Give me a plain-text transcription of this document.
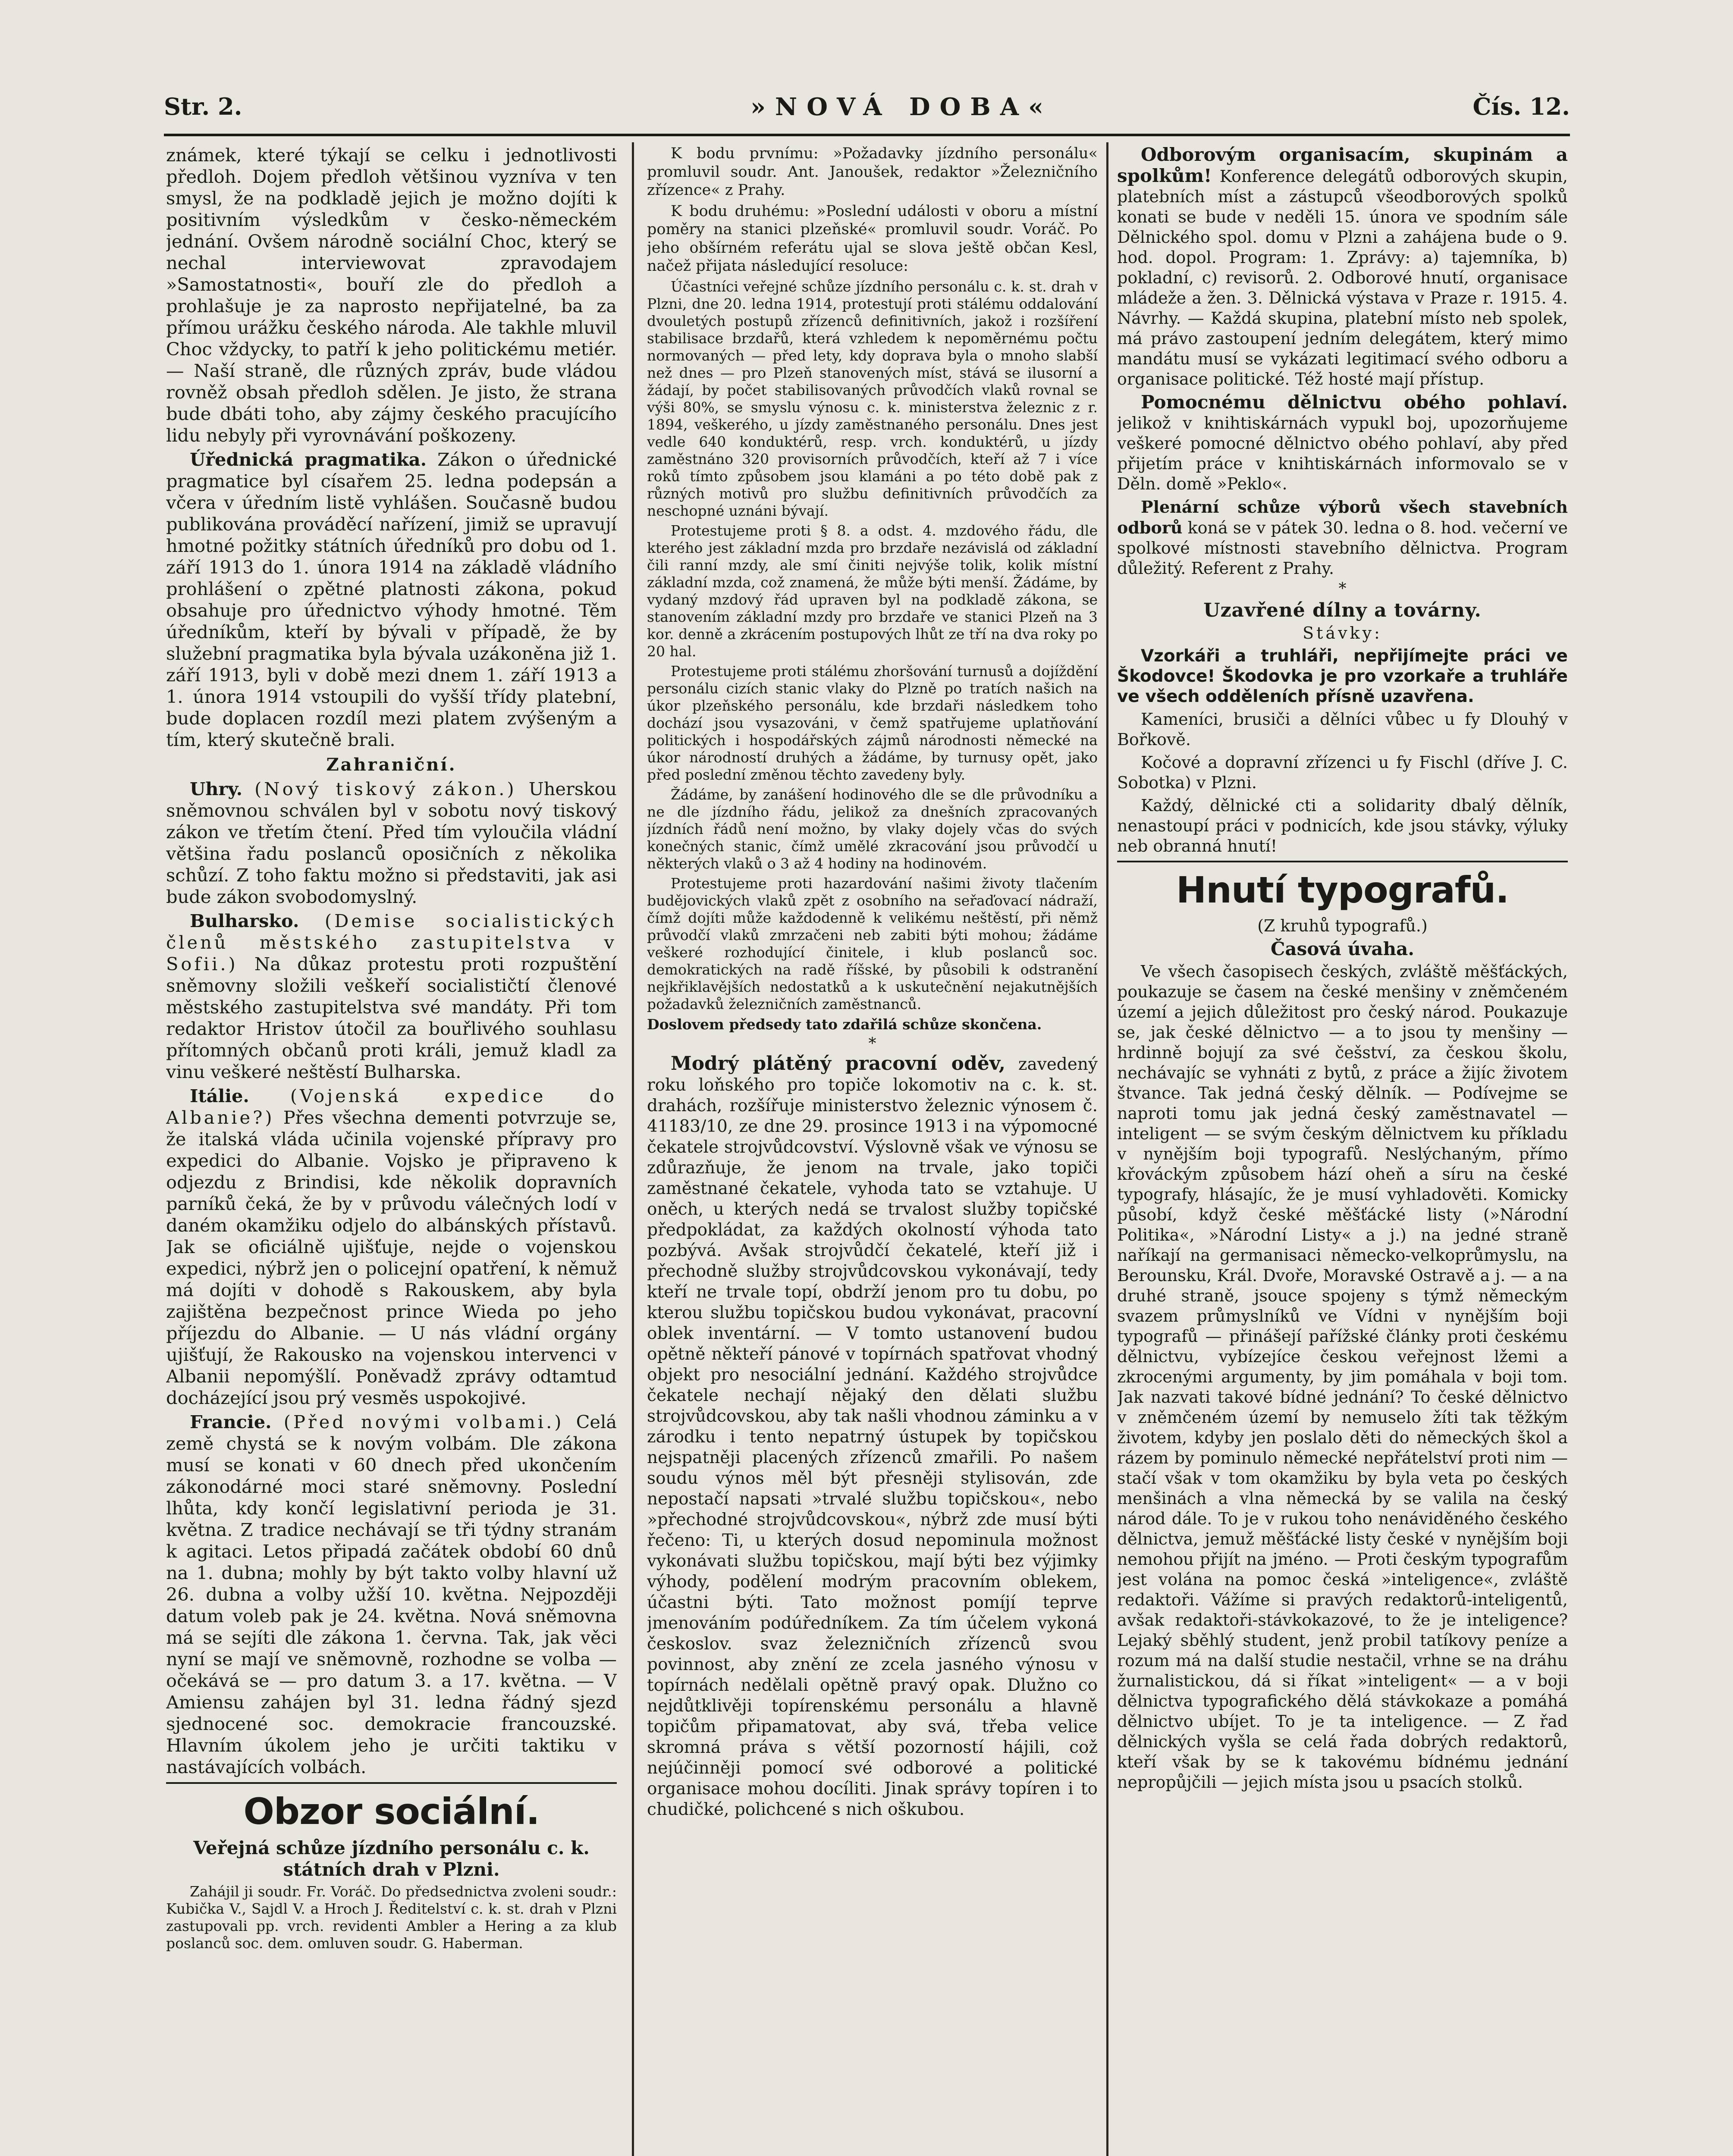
Str. 2.	»NOVÁ DOBA«	Čís. 12.

známek, které týkají se celku i jednotlivosti předloh. Dojem předloh většinou vyzníva v ten smysl, že na podkladě jejich je možno dojíti k positivním výsledkům v česko-německém jednání. Ovšem národně sociální Choc, který se nechal interviewovat zpravodajem »Samostatnosti«, bouří zle do předloh a prohlašuje je za naprosto nepřijatelné, ba za přímou urážku českého národa. Ale takhle mluvil Choc vždycky, to patří k jeho politickému metiér. — Naší straně, dle různých zpráv, bude vládou rovněž obsah předloh sdělen. Je jisto, že strana bude dbáti toho, aby zájmy českého pracujícího lidu nebyly při vyrovnávání poškozeny.

Úřednická pragmatika. Zákon o úřednické pragmatice byl císařem 25. ledna podepsán a včera v úředním listě vyhlášen. Současně budou publikována prováděcí nařízení, jimiž se upravují hmotné požitky státních úředníků pro dobu od 1. září 1913 do 1. února 1914 na základě vládního prohlášení o zpětné platnosti zákona, pokud obsahuje pro úřednictvo výhody hmotné. Těm úředníkům, kteří by bývali v případě, že by služební pragmatika byla bývala uzákoněna již 1. září 1913, byli v době mezi dnem 1. září 1913 a 1. února 1914 vstoupili do vyšší třídy platební, bude doplacen rozdíl mezi platem zvýšeným a tím, který skutečně brali.

Zahraniční.

Uhry. (Nový tiskový zákon.) Uherskou sněmovnou schválen byl v sobotu nový tiskový zákon ve třetím čtení. Před tím vyloučila vládní většina řadu poslanců oposičních z několika schůzí. Z toho faktu možno si představiti, jak asi bude zákon svobodomyslný.

Bulharsko. (Demise socialistických členů městského zastupitelstva v Sofii.) Na důkaz protestu proti rozpuštění sněmovny složili veškeří socialističtí členové městského zastupitelstva své mandáty. Při tom redaktor Hristov útočil za bouřlivého souhlasu přítomných občanů proti králi, jemuž kladl za vinu veškeré neštěstí Bulharska.

Itálie. (Vojenská expedice do Albanie?) Přes všechna dementi potvrzuje se, že italská vláda učinila vojenské přípravy pro expedici do Albanie. Vojsko je připraveno k odjezdu z Brindisi, kde několik dopravních parníků čeká, že by v průvodu válečných lodí v daném okamžiku odjelo do albánských přístavů. Jak se oficiálně ujišťuje, nejde o vojenskou expedici, nýbrž jen o policejní opatření, k němuž má dojíti v dohodě s Rakouskem, aby byla zajištěna bezpečnost prince Wieda po jeho příjezdu do Albanie. — U nás vládní orgány ujišťují, že Rakousko na vojenskou intervenci v Albanii nepomýšlí. Poněvadž zprávy odtamtud docházející jsou prý vesměs uspokojivé.

Francie. (Před novými volbami.) Celá země chystá se k novým volbám. Dle zákona musí se konati v 60 dnech před ukončením zákonodárné moci staré sněmovny. Poslední lhůta, kdy končí legislativní perioda je 31. května. Z tradice nechávají se tři týdny stranám k agitaci. Letos připadá začátek období 60 dnů na 1. dubna; mohly by být takto volby hlavní už 26. dubna a volby užší 10. května. Nejpozději datum voleb pak je 24. května. Nová sněmovna má se sejíti dle zákona 1. června. Tak, jak věci nyní se mají ve sněmovně, rozhodne se volba — očekává se — pro datum 3. a 17. května. — V Amiensu zahájen byl 31. ledna řádný sjezd sjednocené soc. demokracie francouzské. Hlavním úkolem jeho je určiti taktiku v nastávajících volbách.

Obzor sociální.

Veřejná schůze jízdního personálu c. k. státních drah v Plzni.

Zahájil ji soudr. Fr. Voráč. Do předsednictva zvoleni soudr.: Kubička V., Sajdl V. a Hroch J. Ředitelství c. k. st. drah v Plzni zastupovali pp. vrch. revidenti Ambler a Hering a za klub poslanců soc. dem. omluven soudr. G. Haberman.

K bodu prvnímu: »Požadavky jízdního personálu« promluvil soudr. Ant. Janoušek, redaktor »Železničního zřízence« z Prahy.

K bodu druhému: »Poslední události v oboru a místní poměry na stanici plzeňské« promluvil soudr. Voráč. Po jeho obšírném referátu ujal se slova ještě občan Kesl, načež přijata následující resoluce:

Účastníci veřejné schůze jízdního personálu c. k. st. drah v Plzni, dne 20. ledna 1914, protestují proti stálému oddalování dvouletých postupů zřízenců definitivních, jakož i rozšíření stabilisace brzdařů, která vzhledem k nepoměrnému počtu normovaných — před lety, kdy doprava byla o mnoho slabší než dnes — pro Plzeň stanovených míst, stává se ilusorní a žádají, by počet stabilisovaných průvodčích vlaků rovnal se výši 80%, se smyslu výnosu c. k. ministerstva železnic z r. 1894, veškerého, u jízdy zaměstnaného personálu. Dnes jest vedle 640 konduktérů, resp. vrch. konduktérů, u jízdy zaměstnáno 320 provisorních průvodčích, kteří až 7 i více roků tímto způsobem jsou klamáni a po této době pak z různých motivů pro službu definitivních průvodčích za neschopné uznáni bývají.

Protestujeme proti § 8. a odst. 4. mzdového řádu, dle kterého jest základní mzda pro brzdaře nezávislá od základní čili ranní mzdy, ale smí činiti nejvýše tolik, kolik místní základní mzda, což znamená, že může býti menší. Žádáme, by vydaný mzdový řád upraven byl na podkladě zákona, se stanovením základní mzdy pro brzdaře ve stanici Plzeň na 3 kor. denně a zkrácením postupových lhůt ze tří na dva roky po 20 hal.

Protestujeme proti stálému zhoršování turnusů a dojíždění personálu cizích stanic vlaky do Plzně po tratích našich na úkor plzeňského personálu, kde brzdaři následkem toho dochází jsou vysazováni, v čemž spatřujeme uplatňování politických i hospodářských zájmů národnosti německé na úkor národností druhých a žádáme, by turnusy opět, jako před poslední změnou těchto zavedeny byly.

Žádáme, by zanášení hodinového dle se dle průvodníku a ne dle jízdního řádu, jelikož za dnešních zpracovaných jízdních řádů není možno, by vlaky dojely včas do svých konečných stanic, čímž umělé zkracování jsou průvodčí u některých vlaků o 3 až 4 hodiny na hodinovém.

Protestujeme proti hazardování našimi životy tlačením budějovických vlaků zpět z osobního na seřaďovací nádraží, čímž dojíti může každodenně k velikému neštěstí, při němž průvodčí vlaků zmrzačeni neb zabiti býti mohou; žádáme veškeré rozhodující činitele, i klub poslanců soc. demokratických na radě říšské, by působili k odstranění nejkřiklavějších nedostatků a k uskutečnění nejakutnějších požadavků železničních zaměstnanců.

Doslovem předsedy tato zdařilá schůze skončena.

*

Modrý plátěný pracovní oděv, zavedený roku loňského pro topiče lokomotiv na c. k. st. drahách, rozšířuje ministerstvo železnic výnosem č. 41183/10, ze dne 29. prosince 1913 i na výpomocné čekatele strojvůdcovství. Výslovně však ve výnosu se zdůrazňuje, že jenom na trvale, jako topiči zaměstnané čekatele, vyhoda tato se vztahuje. U oněch, u kterých nedá se trvalost služby topičské předpokládat, za každých okolností výhoda tato pozbývá. Avšak strojvůdčí čekatelé, kteří již i přechodně služby strojvůdcovskou vykonávají, tedy kteří ne trvale topí, obdrží jenom pro tu dobu, po kterou službu topičskou budou vykonávat, pracovní oblek inventární. — V tomto ustanovení budou opětně někteří pánové v topírnách spatřovat vhodný objekt pro nesociální jednání. Každého strojvůdce čekatele nechají nějaký den dělati službu strojvůdcovskou, aby tak našli vhodnou záminku a v zárodku i tento nepatrný ústupek by topičskou nejspatněji placených zřízenců zmařili. Po našem soudu výnos měl být přesněji stylisován, zde nepostačí napsati »trvalé službu topičskou«, nebo »přechodné strojvůdcovskou«, nýbrž zde musí býti řečeno: Ti, u kterých dosud nepominula možnost vykonávati službu topičskou, mají býti bez výjimky výhody, podělení modrým pracovním oblekem, účastni býti. Tato možnost pomíjí teprve jmenováním podúředníkem. Za tím účelem vykoná českoslov. svaz železničních zřízenců svou povinnost, aby znění ze zcela jasného výnosu v topírnách nedělali opětně pravý opak. Dlužno co nejdůtklivěji topírenskému personálu a hlavně topičům připamatovat, aby svá, třeba velice skromná práva s větší pozorností hájili, což nejúčinněji pomocí své odborové a politické organisace mohou docíliti. Jinak správy topíren i to chudičké, polichcené s nich oškubou.

Odborovým organisacím, skupinám a spolkům! Konference delegátů odborových skupin, platebních míst a zástupců všeodborových spolků konati se bude v neděli 15. února ve spodním sále Dělnického spol. domu v Plzni a zahájena bude o 9. hod. dopol. Program: 1. Zprávy: a) tajemníka, b) pokladní, c) revisorů. 2. Odborové hnutí, organisace mládeže a žen. 3. Dělnická výstava v Praze r. 1915. 4. Návrhy. — Každá skupina, platební místo neb spolek, má právo zastoupení jedním delegátem, který mimo mandátu musí se vykázati legitimací svého odboru a organisace politické. Též hosté mají přístup.

Pomocnému dělnictvu obého pohlaví. jelikož v knihtiskárnách vypukl boj, upozorňujeme veškeré pomocné dělnictvo obého pohlaví, aby před přijetím práce v knihtiskárnách informovalo se v Děln. domě »Peklo«.

Plenární schůze výborů všech stavebních odborů koná se v pátek 30. ledna o 8. hod. večerní ve spolkové místnosti stavebního dělnictva. Program důležitý. Referent z Prahy.

*
Uzavřené dílny a továrny.

Stávky:

Vzorkáři a truhláři, nepřijímejte práci ve Škodovce! Škodovka je pro vzorkaře a truhláře ve všech odděleních přísně uzavřena.

Kameníci, brusiči a dělníci vůbec u fy Dlouhý v Bořkově.

Kočové a dopravní zřízenci u fy Fischl (dříve J. C. Sobotka) v Plzni.

Každý, dělnické cti a solidarity dbalý dělník, nenastoupí práci v podnicích, kde jsou stávky, výluky neb obranná hnutí!

Hnutí typografů.

(Z kruhů typografů.)

Časová úvaha.

Ve všech časopisech českých, zvláště měšťáckých, poukazuje se časem na české menšiny v zněmčeném území a jejich důležitost pro český národ. Poukazuje se, jak české dělnictvo — a to jsou ty menšiny — hrdinně bojují za své češství, za českou školu, nechávajíc se vyhnáti z bytů, z práce a žijíc životem štvance. Tak jedná český dělník. — Podívejme se naproti tomu jak jedná český zaměstnavatel — inteligent — se svým českým dělnictvem ku příkladu v nynějším boji typografů. Neslýchaným, přímo křováckým způsobem hází oheň a síru na české typografy, hlásajíc, že je musí vyhladověti. Komicky působí, když české měšťácké listy (»Národní Politika«, »Národní Listy« a j.) na jedné straně naříkají na germanisaci německo-velkoprůmyslu, na Berounsku, Král. Dvoře, Moravské Ostravě a j. — a na druhé straně, jsouce spojeny s týmž německým svazem průmyslníků ve Vídni v nynějším boji typografů — přinášejí pařížské články proti českému dělnictvu, vybízejíce českou veřejnost lžemi a zkrocenými argumenty, by jim pomáhala v boji tom. Jak nazvati takové bídné jednání? To české dělnictvo v zněmčeném území by nemuselo žíti tak těžkým životem, kdyby jen poslalo děti do německých škol a rázem by pominulo německé nepřátelství proti nim — stačí však v tom okamžiku by byla veta po českých menšinách a vlna německá by se valila na český národ dále. To je v rukou toho nenáviděného českého dělnictva, jemuž měšťácké listy české v nynějším boji nemohou přijít na jméno. — Proti českým typografům jest volána na pomoc česká »inteligence«, zvláště redaktoři. Vážíme si pravých redaktorů-inteligentů, avšak redaktoři-stávkokazové, to že je inteligence? Lejaký sběhlý student, jenž probil tatíkovy peníze a rozum má na další studie nestačil, vrhne se na dráhu žurnalistickou, dá si říkat »inteligent« — a v boji dělnictva typografického dělá stávkokaze a pomáhá dělnictvo ubíjet. To je ta inteligence. — Z řad dělnických vyšla se celá řada dobrých redaktorů, kteří však by se k takovému bídnému jednání nepropůjčili — jejich místa jsou u psacích stolků.
